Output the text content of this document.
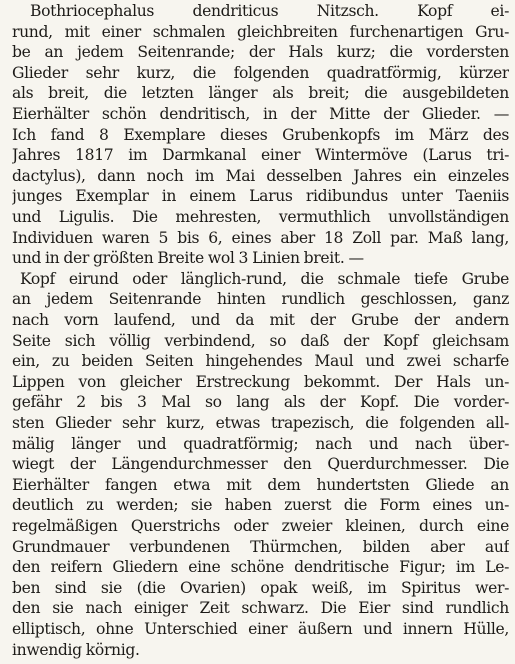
Bothriocephalus dendriticus Nitzsch. Kopf ei-
rund, mit einer schmalen gleichbreiten furchenartigen Gru-
be an jedem Seitenrande; der Hals kurz; die vordersten
Glieder sehr kurz, die folgenden quadratförmig, kürzer
als breit, die letzten länger als breit; die ausgebildeten
Eierhälter schön dendritisch, in der Mitte der Glieder. —
Ich fand 8 Exemplare dieses Grubenkopfs im März des
Jahres 1817 im Darmkanal einer Wintermöve (Larus tri-
dactylus), dann noch im Mai desselben Jahres ein einzeles
junges Exemplar in einem Larus ridibundus unter Taeniis
und Ligulis. Die mehresten, vermuthlich unvollständigen
Individuen waren 5 bis 6, eines aber 18 Zoll par. Maß lang,
und in der größten Breite wol 3 Linien breit. —
Kopf eirund oder länglich-rund, die schmale tiefe Grube
an jedem Seitenrande hinten rundlich geschlossen, ganz
nach vorn laufend, und da mit der Grube der andern
Seite sich völlig verbindend, so daß der Kopf gleichsam
ein, zu beiden Seiten hingehendes Maul und zwei scharfe
Lippen von gleicher Erstreckung bekommt. Der Hals un-
gefähr 2 bis 3 Mal so lang als der Kopf. Die vorder-
sten Glieder sehr kurz, etwas trapezisch, die folgenden all-
mälig länger und quadratförmig; nach und nach über-
wiegt der Längendurchmesser den Querdurchmesser. Die
Eierhälter fangen etwa mit dem hundertsten Gliede an
deutlich zu werden; sie haben zuerst die Form eines un-
regelmäßigen Querstrichs oder zweier kleinen, durch eine
Grundmauer verbundenen Thürmchen, bilden aber auf
den reifern Gliedern eine schöne dendritische Figur; im Le-
ben sind sie (die Ovarien) opak weiß, im Spiritus wer-
den sie nach einiger Zeit schwarz. Die Eier sind rundlich
elliptisch, ohne Unterschied einer äußern und innern Hülle,
inwendig körnig.
